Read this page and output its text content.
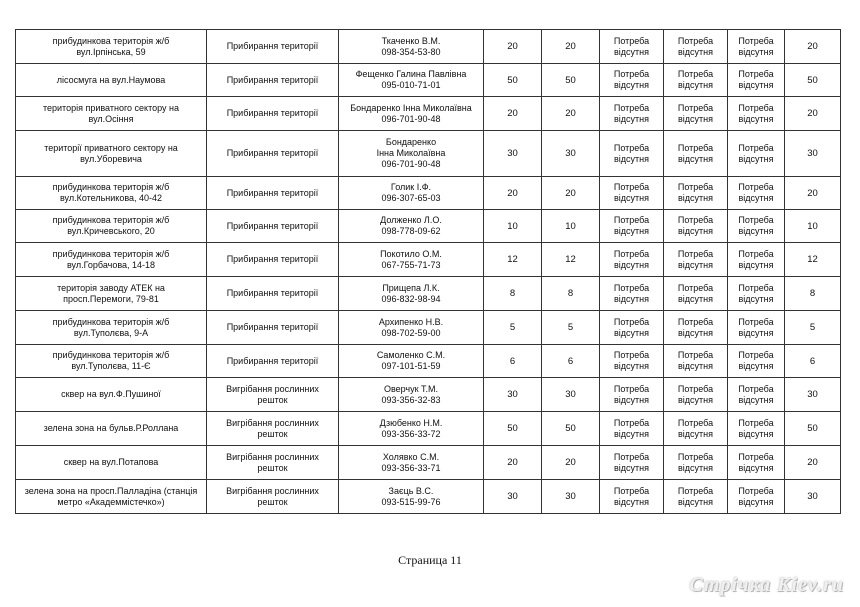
прибудинкова територія ж/б
вул.Ірпінська, 59	Прибирання території	Ткаченко В.М.
098-354-53-80	20	20	Потреба
відсутня	Потреба
відсутня	Потреба
відсутня	20

лісосмуга на вул.Наумова	Прибирання території	Фещенко Галина Павлівна
095-010-71-01	50	50	Потреба
відсутня	Потреба
відсутня	Потреба
відсутня	50

територія приватного сектору на
вул.Осіння	Прибирання території	Бондаренко Інна Миколаївна
096-701-90-48	20	20	Потреба
відсутня	Потреба
відсутня	Потреба
відсутня	20

території приватного сектору на
вул.Уборевича	Прибирання території	Бондаренко
Інна Миколаївна
096-701-90-48	30	30	Потреба
відсутня	Потреба
відсутня	Потреба
відсутня	30

прибудинкова територія ж/б
вул.Котельникова, 40-42	Прибирання території	Голик І.Ф.
096-307-65-03	20	20	Потреба
відсутня	Потреба
відсутня	Потреба
відсутня	20

прибудинкова територія ж/б
вул.Кричевського, 20	Прибирання території	Долженко Л.О.
098-778-09-62	10	10	Потреба
відсутня	Потреба
відсутня	Потреба
відсутня	10

прибудинкова територія ж/б
вул.Горбачова, 14-18	Прибирання території	Покотило О.М.
067-755-71-73	12	12	Потреба
відсутня	Потреба
відсутня	Потреба
відсутня	12

територія заводу АТЕК на
просп.Перемоги, 79-81	Прибирання території	Прищепа Л.К.
096-832-98-94	8	8	Потреба
відсутня	Потреба
відсутня	Потреба
відсутня	8

прибудинкова територія ж/б
вул.Туполєва, 9-А	Прибирання території	Архипенко Н.В.
098-702-59-00	5	5	Потреба
відсутня	Потреба
відсутня	Потреба
відсутня	5

прибудинкова територія ж/б
вул.Туполєва, 11-Є	Прибирання території	Самоленко С.М.
097-101-51-59	6	6	Потреба
відсутня	Потреба
відсутня	Потреба
відсутня	6

сквер на вул.Ф.Пушиної	Вигрібання рослинних
решток	Оверчук Т.М.
093-356-32-83	30	30	Потреба
відсутня	Потреба
відсутня	Потреба
відсутня	30

зелена зона на бульв.Р.Роллана	Вигрібання рослинних
решток	Дзюбенко Н.М.
093-356-33-72	50	50	Потреба
відсутня	Потреба
відсутня	Потреба
відсутня	50

сквер на вул.Потапова	Вигрібання рослинних
решток	Холявко С.М.
093-356-33-71	20	20	Потреба
відсутня	Потреба
відсутня	Потреба
відсутня	20

зелена зона на просп.Палладіна (станція
метро «Академмістечко»)	Вигрібання рослинних
решток	Заєць В.С.
093-515-99-76	30	30	Потреба
відсутня	Потреба
відсутня	Потреба
відсутня	30
Страница 11
Стрічка Kiev.ru
